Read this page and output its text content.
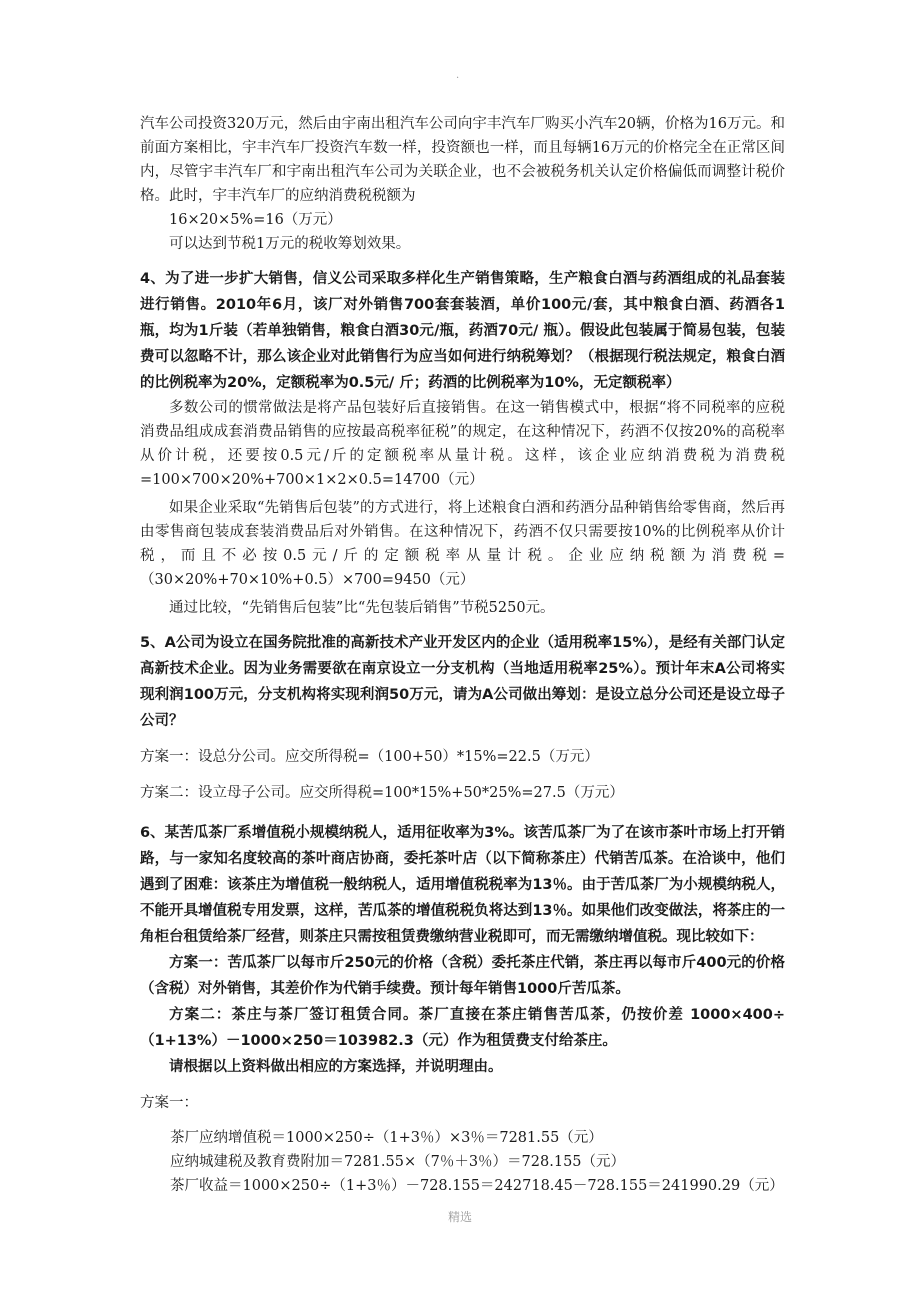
.

汽车公司投资320万元，然后由宇南出租汽车公司向宇丰汽车厂购买小汽车20辆，价格为16万元。和前面方案相比，宇丰汽车厂投资汽车数一样，投资额也一样，而且每辆16万元的价格完全在正常区间内，尽管宇丰汽车厂和宇南出租汽车公司为关联企业，也不会被税务机关认定价格偏低而调整计税价格。此时，宇丰汽车厂的应纳消费税税额为

16×20×5%=16（万元）

可以达到节税1万元的税收筹划效果。

4、为了进一步扩大销售，信义公司采取多样化生产销售策略，生产粮食白酒与药酒组成的礼品套装进行销售。2010年6月，该厂对外销售700套套装酒，单价100元/套，其中粮食白酒、药酒各1瓶，均为1斤装（若单独销售，粮食白酒30元/瓶，药酒70元/ 瓶）。假设此包装属于简易包装，包装费可以忽略不计，那么该企业对此销售行为应当如何进行纳税筹划？（根据现行税法规定，粮食白酒的比例税率为20%，定额税率为0.5元/ 斤；药酒的比例税率为10%，无定额税率）

多数公司的惯常做法是将产品包装好后直接销售。在这一销售模式中，根据“将不同税率的应税消费品组成成套消费品销售的应按最高税率征税”的规定，在这种情况下，药酒不仅按20%的高税率从价计税，还要按0.5元/斤的定额税率从量计税。这样，该企业应纳消费税为消费税=100×700×20%+700×1×2×0.5=14700（元）

如果企业采取“先销售后包装”的方式进行，将上述粮食白酒和药酒分品种销售给零售商，然后再由零售商包装成套装消费品后对外销售。在这种情况下，药酒不仅只需要按10%的比例税率从价计税，而且不必按0.5元/斤的定额税率从量计税。企业应纳税额为消费税=（30×20%+70×10%+0.5）×700=9450（元）

通过比较，“先销售后包装”比“先包装后销售”节税5250元。

5、A公司为设立在国务院批准的高新技术产业开发区内的企业（适用税率15%），是经有关部门认定高新技术企业。因为业务需要欲在南京设立一分支机构（当地适用税率25%）。预计年末A公司将实现利润100万元，分支机构将实现利润50万元，请为A公司做出筹划：是设立总分公司还是设立母子公司？

方案一：设总分公司。应交所得税=（100+50）*15%=22.5（万元）

方案二：设立母子公司。应交所得税=100*15%+50*25%=27.5（万元）

6、某苦瓜茶厂系增值税小规模纳税人，适用征收率为3%。该苦瓜茶厂为了在该市茶叶市场上打开销路，与一家知名度较高的茶叶商店协商，委托茶叶店（以下简称茶庄）代销苦瓜茶。在洽谈中，他们遇到了困难：该茶庄为增值税一般纳税人，适用增值税税率为13％。由于苦瓜茶厂为小规模纳税人，不能开具增值税专用发票，这样，苦瓜茶的增值税税负将达到13％。如果他们改变做法，将茶庄的一角柜台租赁给茶厂经营，则茶庄只需按租赁费缴纳营业税即可，而无需缴纳增值税。现比较如下：

方案一：苦瓜茶厂以每市斤250元的价格（含税）委托茶庄代销，茶庄再以每市斤400元的价格（含税）对外销售，其差价作为代销手续费。预计每年销售1000斤苦瓜茶。

方案二：茶庄与茶厂签订租赁合同。茶厂直接在茶庄销售苦瓜茶，仍按价差 1000×400÷（1+13%）－1000×250＝103982.3（元）作为租赁费支付给茶庄。

请根据以上资料做出相应的方案选择，并说明理由。

方案一：

茶厂应纳增值税＝1000×250÷（1+3％）×3％＝7281.55（元）

应纳城建税及教育费附加＝7281.55×（7％＋3％）＝728.155（元）

茶厂收益＝1000×250÷（1+3％）－728.155＝242718.45－728.155＝241990.29（元）

精选
